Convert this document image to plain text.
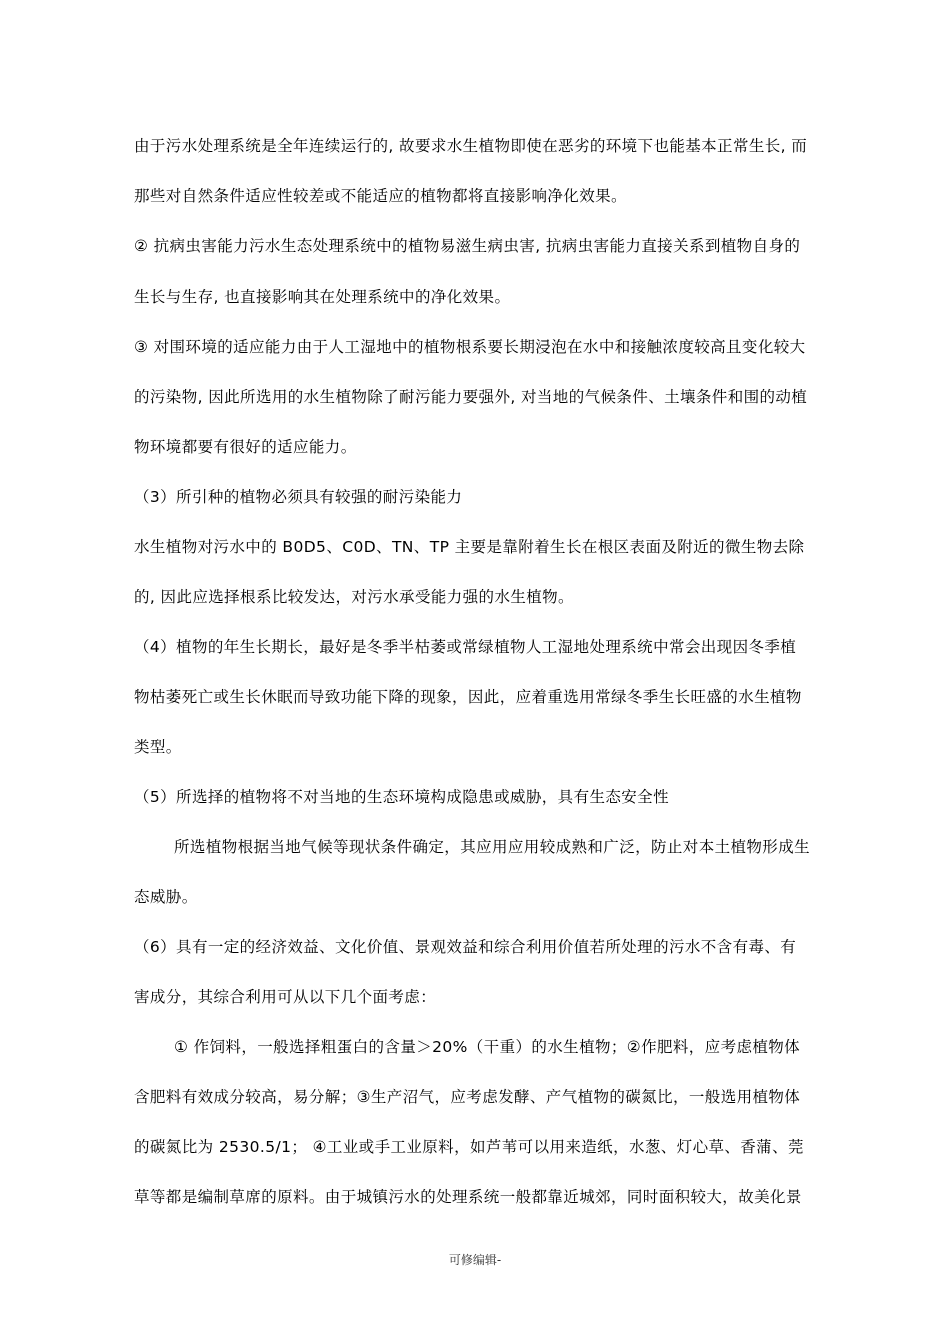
由于污水处理系统是全年连续运行的, 故要求水生植物即使在恶劣的环境下也能基本正常生长, 而
那些对自然条件适应性较差或不能适应的植物都将直接影响净化效果。
② 抗病虫害能力污水生态处理系统中的植物易滋生病虫害, 抗病虫害能力直接关系到植物自身的
生长与生存, 也直接影响其在处理系统中的净化效果。
③ 对围环境的适应能力由于人工湿地中的植物根系要长期浸泡在水中和接触浓度较高且变化较大
的污染物, 因此所选用的水生植物除了耐污能力要强外, 对当地的气候条件、土壤条件和围的动植
物环境都要有很好的适应能力。
（3）所引种的植物必须具有较强的耐污染能力
水生植物对污水中的 B0D5、C0D、TN、TP 主要是靠附着生长在根区表面及附近的微生物去除
的, 因此应选择根系比较发达，对污水承受能力强的水生植物。
（4）植物的年生长期长，最好是冬季半枯萎或常绿植物人工湿地处理系统中常会出现因冬季植
物枯萎死亡或生长休眠而导致功能下降的现象，因此，应着重选用常绿冬季生长旺盛的水生植物
类型。
（5）所选择的植物将不对当地的生态环境构成隐患或威胁，具有生态安全性
所选植物根据当地气候等现状条件确定，其应用应用较成熟和广泛，防止对本土植物形成生
态威胁。
（6）具有一定的经济效益、文化价值、景观效益和综合利用价值若所处理的污水不含有毒、有
害成分，其综合利用可从以下几个面考虑：
① 作饲料，一般选择粗蛋白的含量＞20%（干重）的水生植物；②作肥料，应考虑植物体
含肥料有效成分较高，易分解；③生产沼气，应考虑发酵、产气植物的碳氮比，一般选用植物体
的碳氮比为 2530.5/1； ④工业或手工业原料，如芦苇可以用来造纸，水葱、灯心草、香蒲、莞
草等都是编制草席的原料。由于城镇污水的处理系统一般都靠近城郊，同时面积较大，故美化景
可修编辑-
